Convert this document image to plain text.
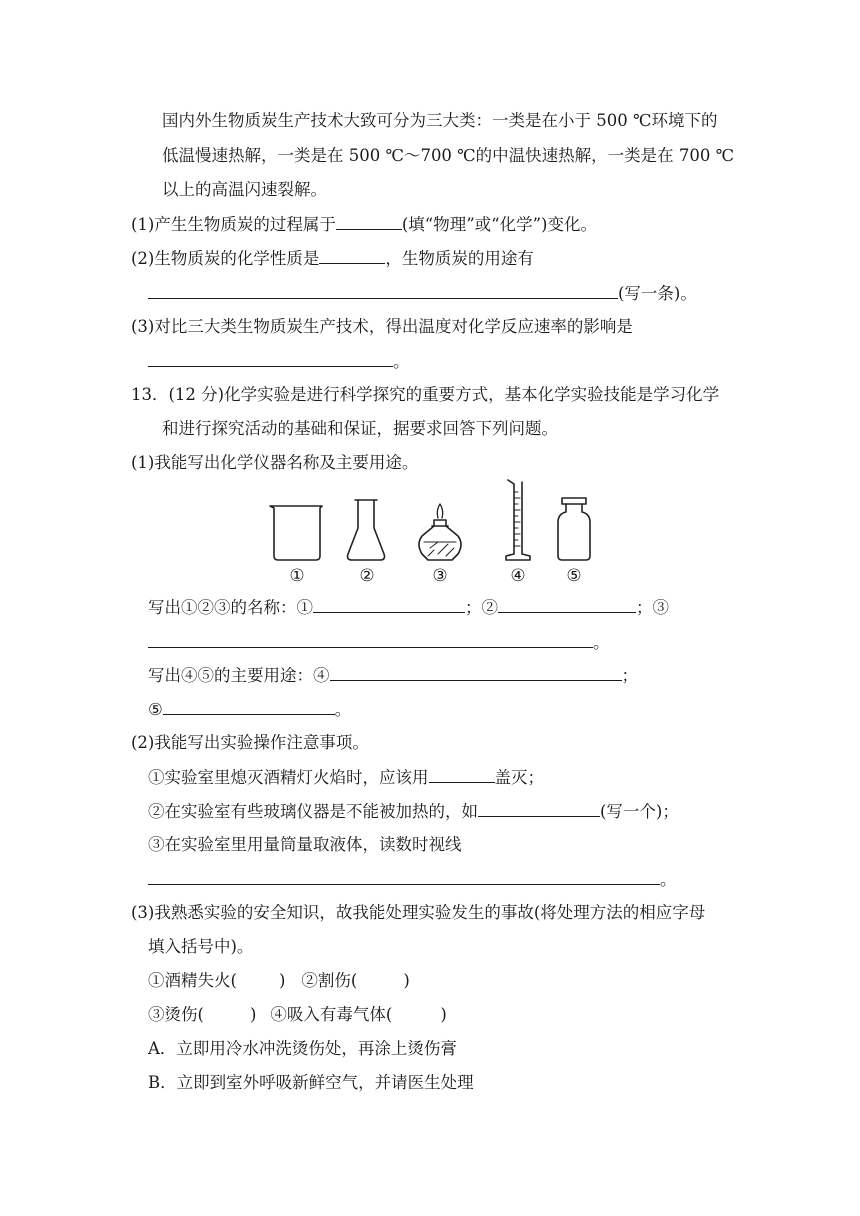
国内外生物质炭生产技术大致可分为三大类：一类是在小于 500 ℃环境下的
低温慢速热解，一类是在 500 ℃～700 ℃的中温快速热解，一类是在 700 ℃
以上的高温闪速裂解。
(1)产生生物质炭的过程属于	(填“物理”或“化学”)变化。
(2)生物质炭的化学性质是	，生物质炭的用途有
(写一条)。
(3)对比三大类生物质炭生产技术，得出温度对化学反应速率的影响是
。
13．(12 分)化学实验是进行科学探究的重要方式，基本化学实验技能是学习化学
和进行探究活动的基础和保证，据要求回答下列问题。
(1)我能写出化学仪器名称及主要用途。
①	②	③	④	⑤
写出①②③的名称：①	；②	；③
。
写出④⑤的主要用途：④	；
⑤	。
(2)我能写出实验操作注意事项。
①实验室里熄灭酒精灯火焰时，应该用	盖灭；
②在实验室有些玻璃仪器是不能被加热的，如	(写一个)；
③在实验室里用量筒量取液体，读数时视线
。
(3)我熟悉实验的安全知识，故我能处理实验发生的事故(将处理方法的相应字母
填入括号中)。
①酒精失火(	) ②割伤(	)
③烫伤(	) ④吸入有毒气体(	)
A．立即用冷水冲洗烫伤处，再涂上烫伤膏
B．立即到室外呼吸新鲜空气，并请医生处理
